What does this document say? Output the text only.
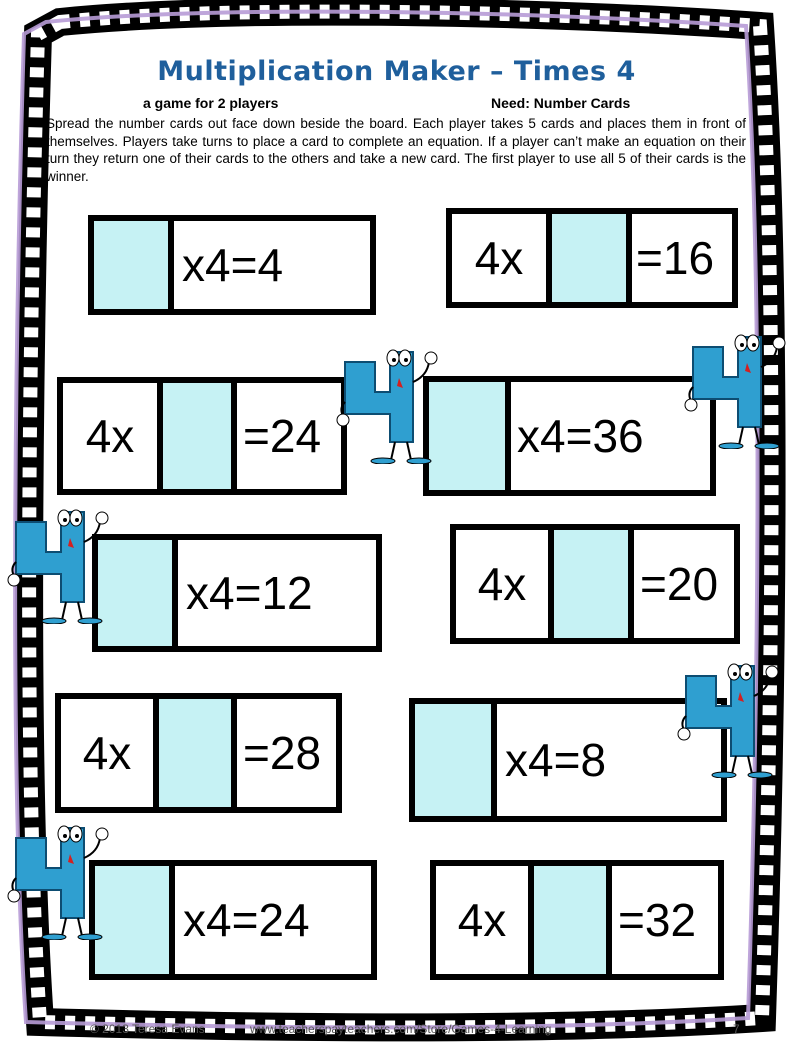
Multiplication Maker – Times 4
a game for 2 players	Need: Number Cards
Spread the number cards out face down beside the board. Each player takes 5 cards and places them in front of themselves. Players take turns to place a card to complete an equation. If a player can’t make an equation on their turn they return one of their cards to the others and take a new card. The first player to use all 5 of their cards is the winner.
x4=4	4x	=16
4x	=24	x4=36
x4=12	4x	=20
4x	=28	x4=8
x4=24	4x	=32
© 2013 Teresa Evans	www.teacherspayteachers.com/Store/Games-4-Learning	7
